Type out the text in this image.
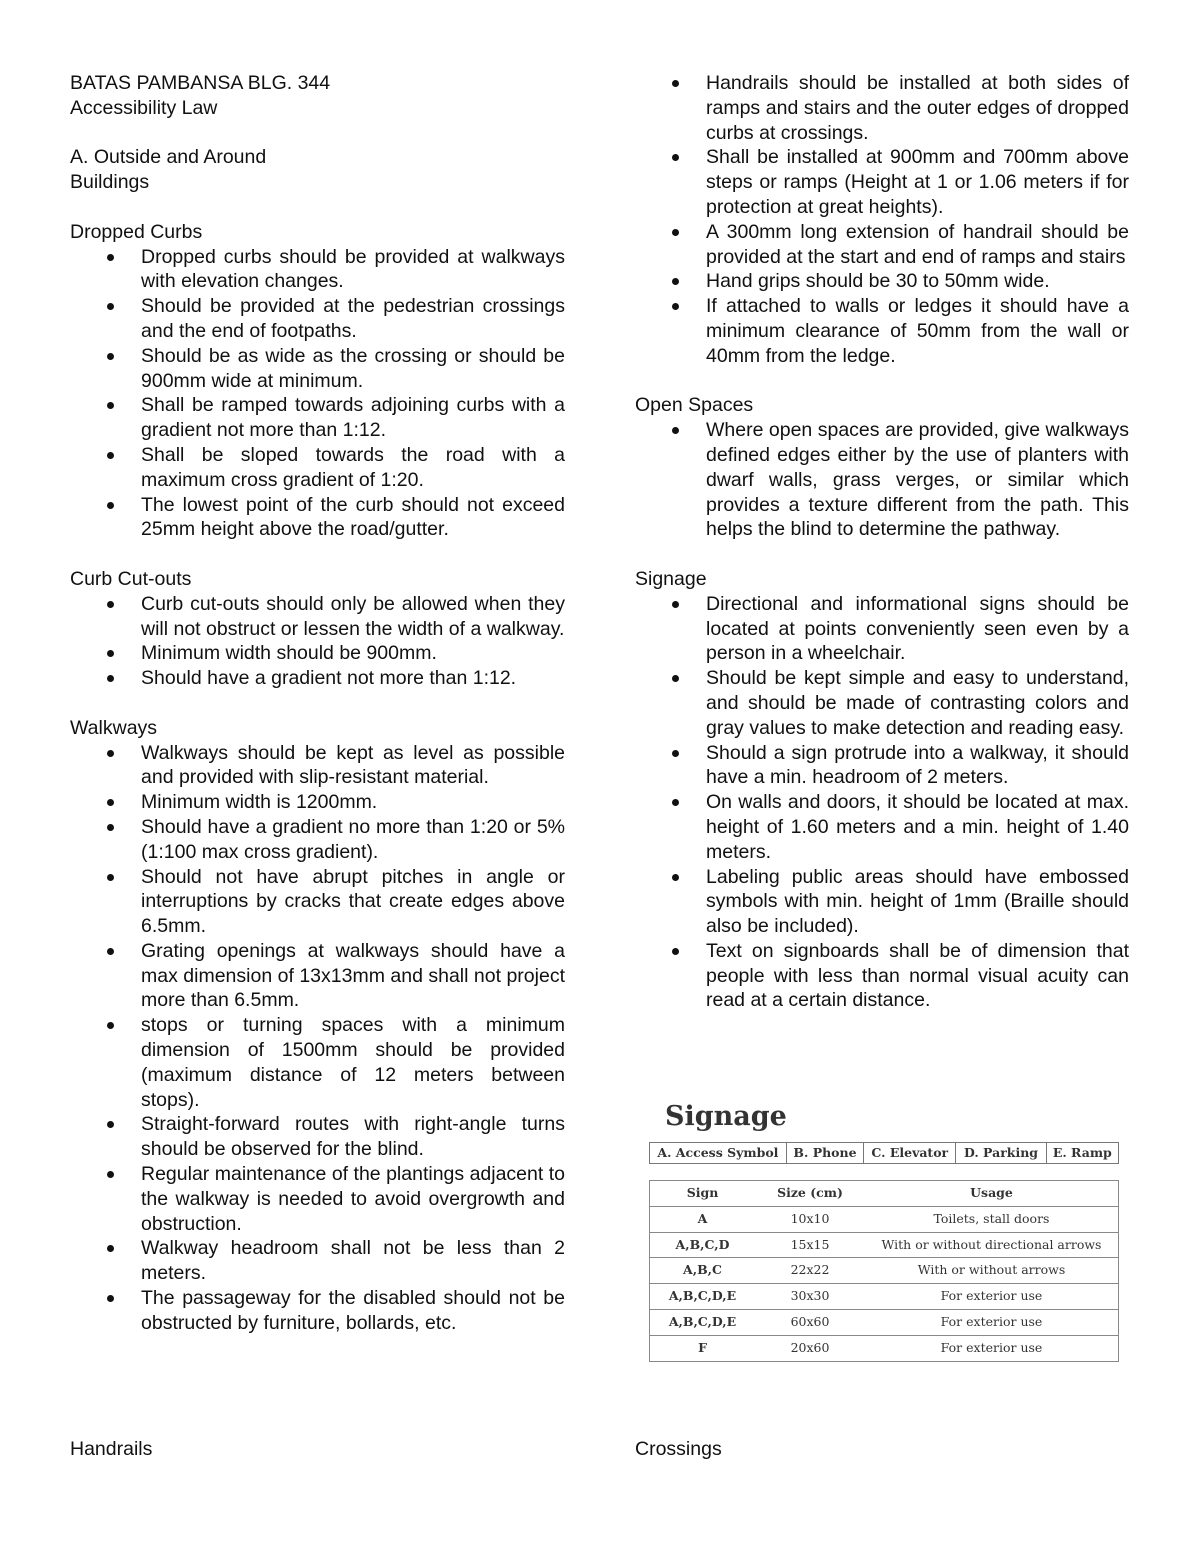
BATAS PAMBANSA BLG. 344

Accessibility Law

A. Outside and Around

Buildings

Dropped Curbs

Dropped curbs should be provided at walkways with elevation changes.
Should be provided at the pedestrian crossings and the end of footpaths.
Should be as wide as the crossing or should be 900mm wide at minimum.
Shall be ramped towards adjoining curbs with a gradient not more than 1:12.
Shall be sloped towards the road with a maximum cross gradient of 1:20.
The lowest point of the curb should not exceed 25mm height above the road/gutter.

Curb Cut-outs

Curb cut-outs should only be allowed when they will not obstruct or lessen the width of a walkway.
Minimum width should be 900mm.
Should have a gradient not more than 1:12.

Walkways

Walkways should be kept as level as possible and provided with slip-resistant material.
Minimum width is 1200mm.
Should have a gradient no more than 1:20 or 5% (1:100 max cross gradient).
Should not have abrupt pitches in angle or interruptions by cracks that create edges above 6.5mm.
Grating openings at walkways should have a max dimension of 13x13mm and shall not project more than 6.5mm.
stops or turning spaces with a minimum dimension of 1500mm should be provided (maximum distance of 12 meters between stops).
Straight-forward routes with right-angle turns should be observed for the blind.
Regular maintenance of the plantings adjacent to the walkway is needed to avoid overgrowth and obstruction.
Walkway headroom shall not be less than 2 meters.
The passageway for the disabled should not be obstructed by furniture, bollards, etc.

Handrails

Handrails should be installed at both sides of ramps and stairs and the outer edges of dropped curbs at crossings.
Shall be installed at 900mm and 700mm above steps or ramps (Height at 1 or 1.06 meters if for protection at great heights).
A 300mm long extension of handrail should be provided at the start and end of ramps and stairs
Hand grips should be 30 to 50mm wide.
If attached to walls or ledges it should have a minimum clearance of 50mm from the wall or 40mm from the ledge.

Open Spaces

Where open spaces are provided, give walkways defined edges either by the use of planters with dwarf walls, grass verges, or similar which provides a texture different from the path. This helps the blind to determine the pathway.

Signage

Directional and informational signs should be located at points conveniently seen even by a person in a wheelchair.
Should be kept simple and easy to understand, and should be made of contrasting colors and gray values to make detection and reading easy.
Should a sign protrude into a walkway, it should have a min. headroom of 2 meters.
On walls and doors, it should be located at max. height of 1.60 meters and a min. height of 1.40 meters.
Labeling public areas should have embossed symbols with min. height of 1mm (Braille should also be included).
Text on signboards shall be of dimension that people with less than normal visual acuity can read at a certain distance.
Signage
A. Access Symbol	B. Phone	C. Elevator	D. Parking	E. Ramp
Sign	Size (cm)	Usage
A	10x10	Toilets, stall doors
A,B,C,D	15x15	With or without directional arrows
A,B,C	22x22	With or without arrows
A,B,C,D,E	30x30	For exterior use
A,B,C,D,E	60x60	For exterior use
F	20x60	For exterior use

Crossings
